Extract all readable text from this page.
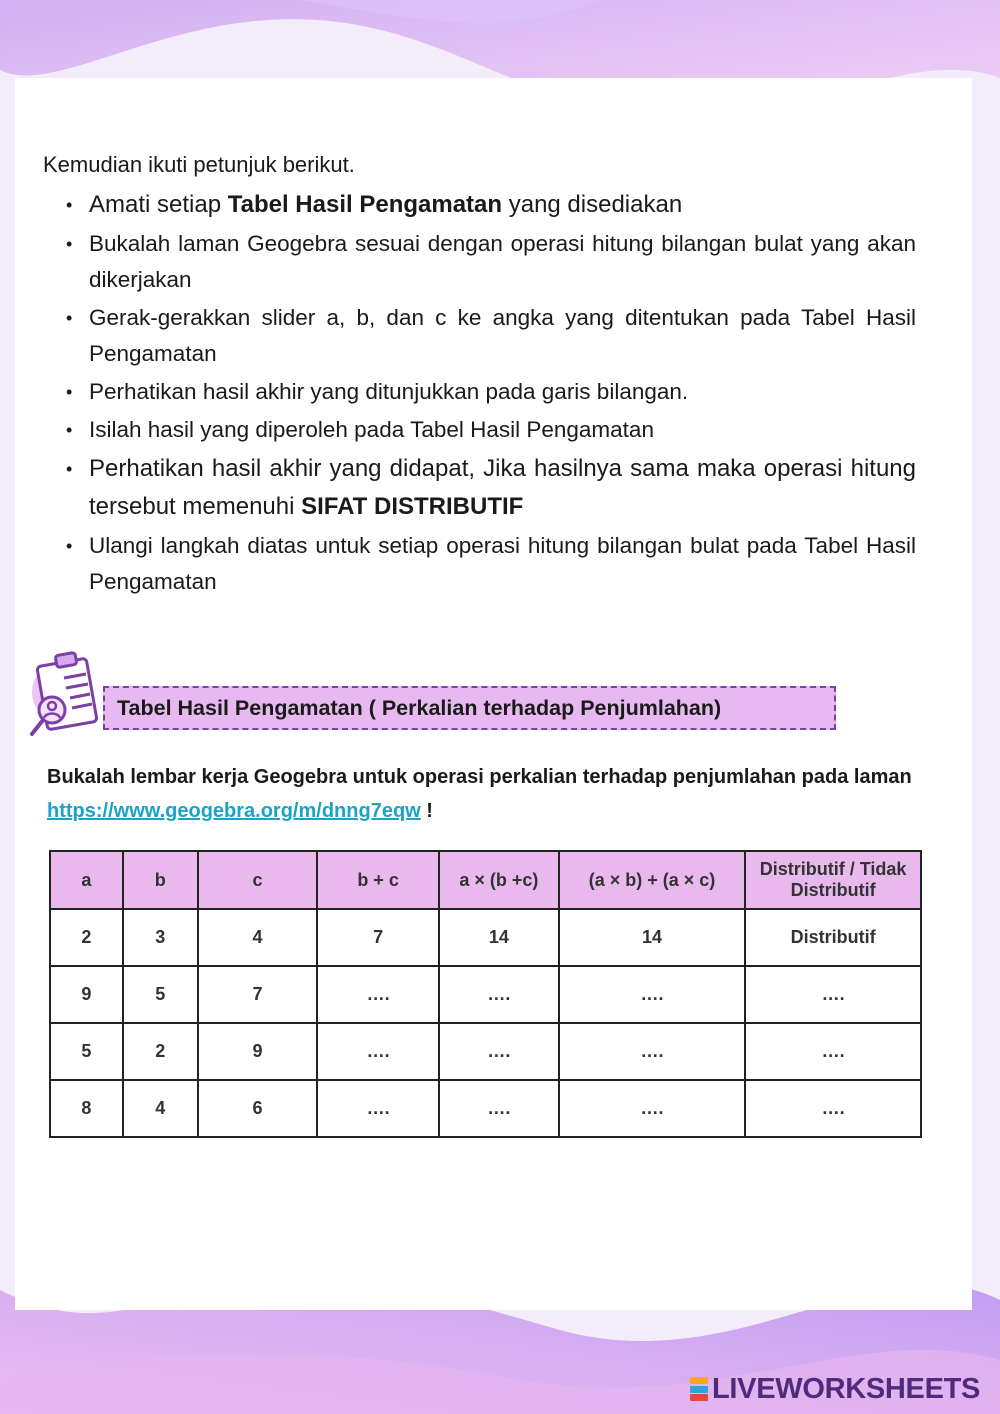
Kemudian ikuti petunjuk berikut.
• Amati setiap Tabel Hasil Pengamatan yang disediakan
• Bukalah laman Geogebra sesuai dengan operasi hitung bilangan bulat yang akan dikerjakan
• Gerak-gerakkan slider a, b, dan c ke angka yang ditentukan pada Tabel Hasil Pengamatan
• Perhatikan hasil akhir yang ditunjukkan pada garis bilangan.
• Isilah hasil yang diperoleh pada Tabel Hasil Pengamatan
• Perhatikan hasil akhir yang didapat, Jika hasilnya sama maka operasi hitung tersebut memenuhi SIFAT DISTRIBUTIF
• Ulangi langkah diatas untuk setiap operasi hitung bilangan bulat pada Tabel Hasil Pengamatan
Tabel Hasil Pengamatan ( Perkalian terhadap Penjumlahan)
Bukalah lembar kerja Geogebra untuk operasi perkalian terhadap penjumlahan pada laman https://www.geogebra.org/m/dnng7eqw !
a	b	c	b + c	a × (b +c)	(a × b) + (a × c)	Distributif / Tidak Distributif
2	3	4	7	14	14	Distributif
9	5	7	….	….	….	….
5	2	9	….	….	….	….
8	4	6	….	….	….	….
LIVEWORKSHEETS
